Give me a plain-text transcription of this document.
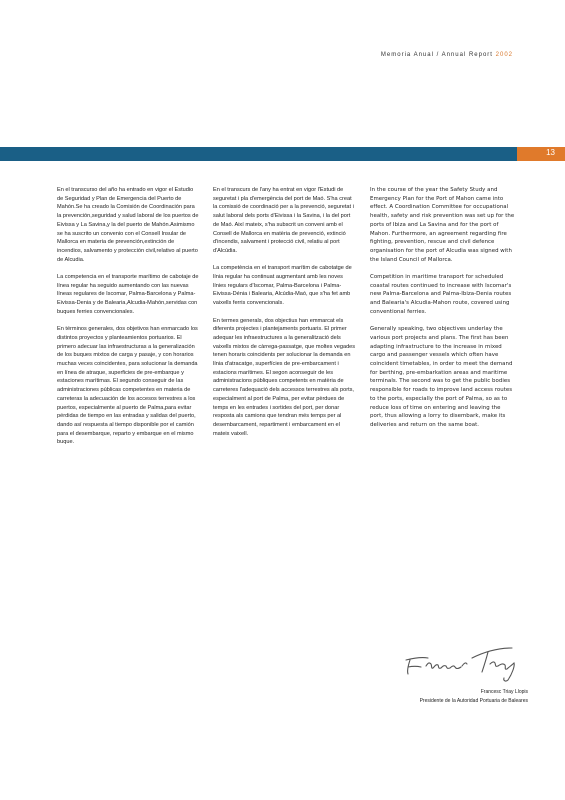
Memoria Anual / Annual Report 2002
13

En el transcurso del año ha entrado en vigor el Estudio de Seguridad y Plan de Emergencia del Puerto de Mahón.Se ha creado la Comisión de Coordinación para la prevención,seguridad y salud laboral de los puertos de Eivissa y La Savina,y la del puerto de Mahón.Asimismo se ha suscrito un convenio con el Consell Insular de Mallorca en materia de prevención,extinción de incendios, salvamento y protección civil,relativo al puerto de Alcudia.

La competencia en el transporte marítimo de cabotaje de línea regular ha seguido aumentando con las nuevas líneas regulares de Iscomar, Palma-Barcelona y Palma-Eivissa-Denia y de Balearia,Alcudia-Mahón,servidas con buques ferries convencionales.

En términos generales, dos objetivos han enmarcado los distintos proyectos y planteamientos portuarios. El primero adecuar las infraestructuras a la generalización de los buques mixtos de carga y pasaje, y con horarios muchas veces coincidentes, para solucionar la demanda en línea de atraque, superficies de pre-embarque y estaciones marítimas. El segundo conseguir de las administraciones públicas competentes en materia de carreteras la adecuación de los accesos terrestres a los puertos, especialmente al puerto de Palma,para evitar pérdidas de tiempo en las entradas y salidas del puerto, dando así respuesta al tiempo disponible por el camión para el desembarque, reparto y embarque en el mismo buque.

En el transcurs de l'any ha entrat en vigor l'Estudi de seguretat i pla d'emergència del port de Maó. S'ha creat la comissió de coordinació per a la prevenció, seguretat i salut laboral dels ports d'Eivissa i la Savina, i la del port de Maó. Així mateix, s'ha subscrit un conveni amb el Consell de Mallorca en matèria de prevenció, extinció d'incendis, salvament i protecció civil, relatiu al port d'Alcúdia.

La competència en el transport marítim de cabotatge de línia regular ha continuat augmentant amb les noves línies regulars d'Iscomar, Palma-Barcelona i Palma-Eivissa-Dénia i Balearia, Alcúdia-Maó, que s'ha fet amb vaixells ferris convencionals.

En termes generals, dos objectius han emmarcat els diferents projectes i plantejaments portuaris. El primer adequar les infraestructures a la generalització dels vaixells mixtos de càrrega-passatge, que moltes vegades tenen horaris coincidents per solucionar la demanda en línia d'atracatge, superfícies de pre-embarcament i estacions marítimes. El segon aconseguir de les administracions públiques competents en matèria de carreteres l'adequació dels accessos terrestres als ports, especialment al port de Palma, per evitar pèrdues de temps en les entrades i sortides del port, per donar resposta als camions que tendran més temps per al desembarcament, repartiment i embarcament en el mateix vaixell.

In the course of the year the Safety Study and Emergency Plan for the Port of Mahon came into effect. A Coordination Committee for occupational health, safety and risk prevention was set up for the ports of Ibiza and La Savina and for the port of Mahon. Furthermore, an agreement regarding fire fighting, prevention, rescue and civil defence organisation for the port of Alcudia was signed with the Island Council of Mallorca.

Competition in maritime transport for scheduled coastal routes continued to increase with Iscomar's new Palma-Barcelona and Palma-Ibiza-Denia routes and Balearia's Alcudia-Mahon route, covered using conventional ferries.

Generally speaking, two objectives underlay the various port projects and plans. The first has been adapting infrastructure to the increase in mixed cargo and passenger vessels which often have coincident timetables, in order to meet the demand for berthing, pre-embarkation areas and maritime terminals. The second was to get the public bodies responsible for roads to improve land access routes to the ports, especially the port of Palma, so as to reduce loss of time on entering and leaving the port, thus allowing a lorry to disembark, make its deliveries and return on the same boat.

Francesc Triay Llopis
Presidente de la Autoridad Portuaria de Baleares
